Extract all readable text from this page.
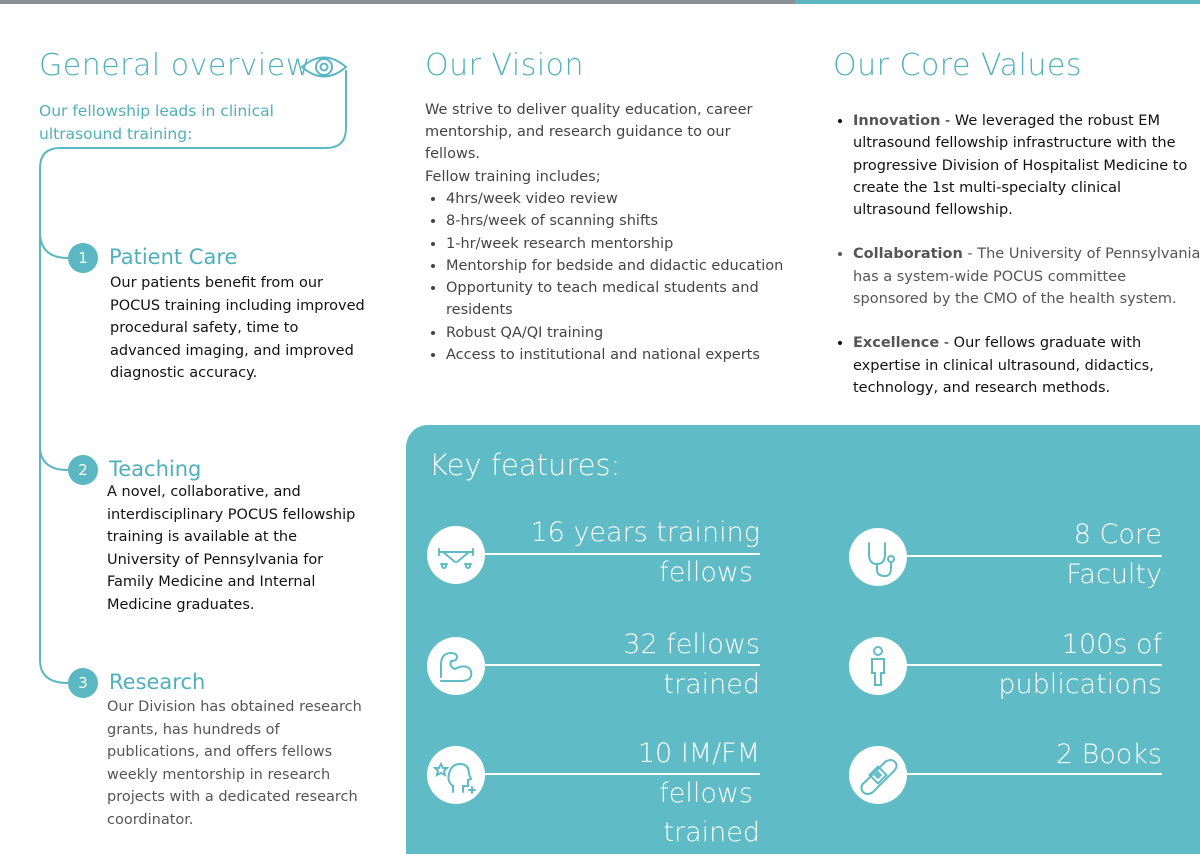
General overview
Our fellowship leads in clinical ultrasound training:
1	Patient Care
Our patients benefit from our POCUS training including improved procedural safety, time to advanced imaging, and improved diagnostic accuracy.
2	Teaching
A novel, collaborative, and interdisciplinary POCUS fellowship training is available at the University of Pennsylvania for Family Medicine and Internal Medicine graduates.
3	Research
Our Division has obtained research grants, has hundreds of publications, and offers fellows weekly mentorship in research projects with a dedicated research coordinator.
Our Vision
We strive to deliver quality education, career mentorship, and research guidance to our fellows.
Fellow training includes;
• 4hrs/week video review
• 8-hrs/week of scanning shifts
• 1-hr/week research mentorship
• Mentorship for bedside and didactic education
• Opportunity to teach medical students and residents
• Robust QA/QI training
• Access to institutional and national experts
Our Core Values
• Innovation - We leveraged the robust EM ultrasound fellowship infrastructure with the progressive Division of Hospitalist Medicine to create the 1st multi-specialty clinical ultrasound fellowship.
• Collaboration - The University of Pennsylvania has a system-wide POCUS committee sponsored by the CMO of the health system.
• Excellence - Our fellows graduate with expertise in clinical ultrasound, didactics, technology, and research methods.
Key features:
16 years training
fellows
8 Core
Faculty
32 fellows
trained
100s of
publications
10 IM/FM
fellows
trained
2 Books
